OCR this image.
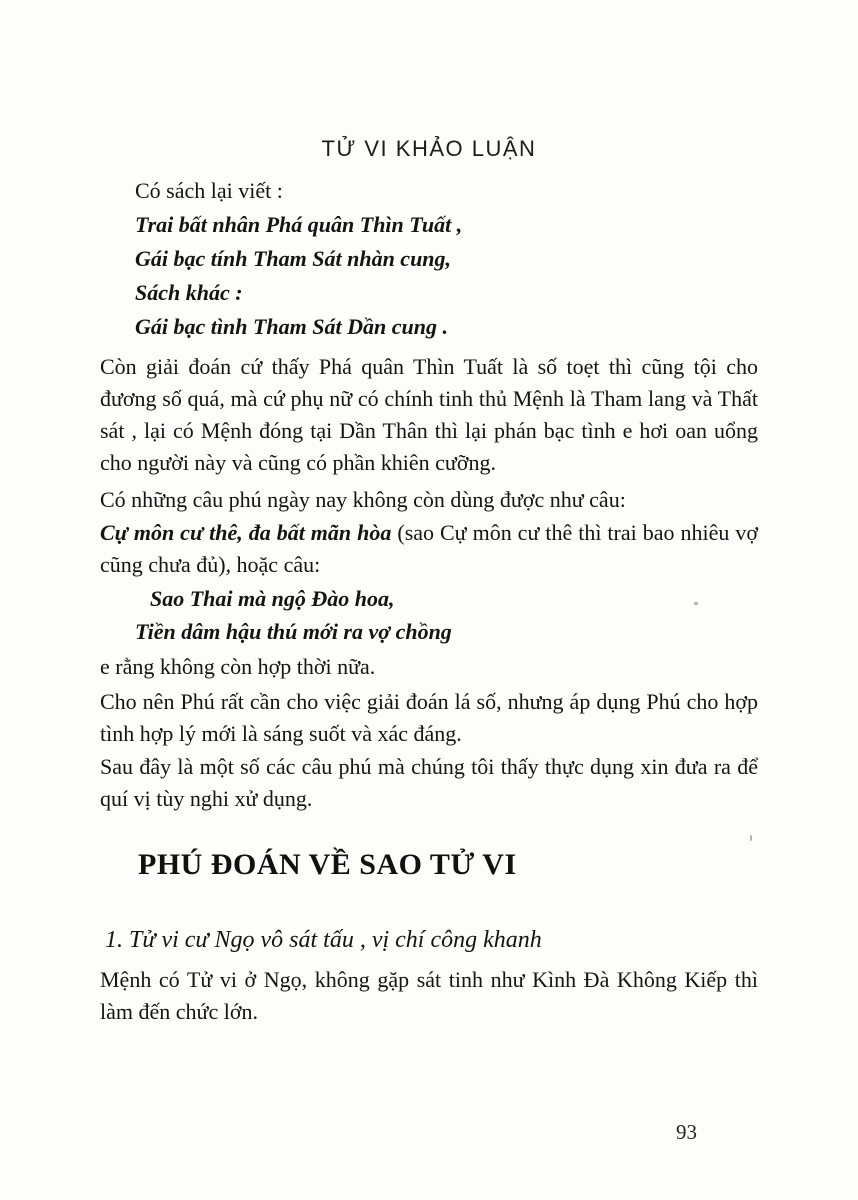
TỬ VI KHẢO LUẬN

Có sách lại viết :

Trai bất nhân Phá quân Thìn Tuất ,
Gái bạc tính Tham Sát nhàn cung,
Sách khác :
Gái bạc tình Tham Sát Dần cung .

Còn giải đoán cứ thấy Phá quân Thìn Tuất là số toẹt thì cũng tội cho đương số quá, mà cứ phụ nữ có chính tinh thủ Mệnh là Tham lang và Thất sát , lại có Mệnh đóng tại Dần Thân thì lại phán bạc tình e hơi oan uổng cho người này và cũng có phần khiên cưỡng.

Có những câu phú ngày nay không còn dùng được như câu:

Cự môn cư thê, đa bất mãn hòa (sao Cự môn cư thê thì trai bao nhiêu vợ cũng chưa đủ), hoặc câu:

Sao Thai mà ngộ Đào hoa,
Tiền dâm hậu thú mới ra vợ chồng

e rằng không còn hợp thời nữa.

Cho nên Phú rất cần cho việc giải đoán lá số, nhưng áp dụng Phú cho hợp tình hợp lý mới là sáng suốt và xác đáng.

Sau đây là một số các câu phú mà chúng tôi thấy thực dụng xin đưa ra để quí vị tùy nghi xử dụng.

PHÚ ĐOÁN VỀ SAO TỬ VI
1. Tử vi cư Ngọ vô sát tấu , vị chí công khanh

Mệnh có Tử vi ở Ngọ, không gặp sát tinh như Kình Đà Không Kiếp thì làm đến chức lớn.

93
